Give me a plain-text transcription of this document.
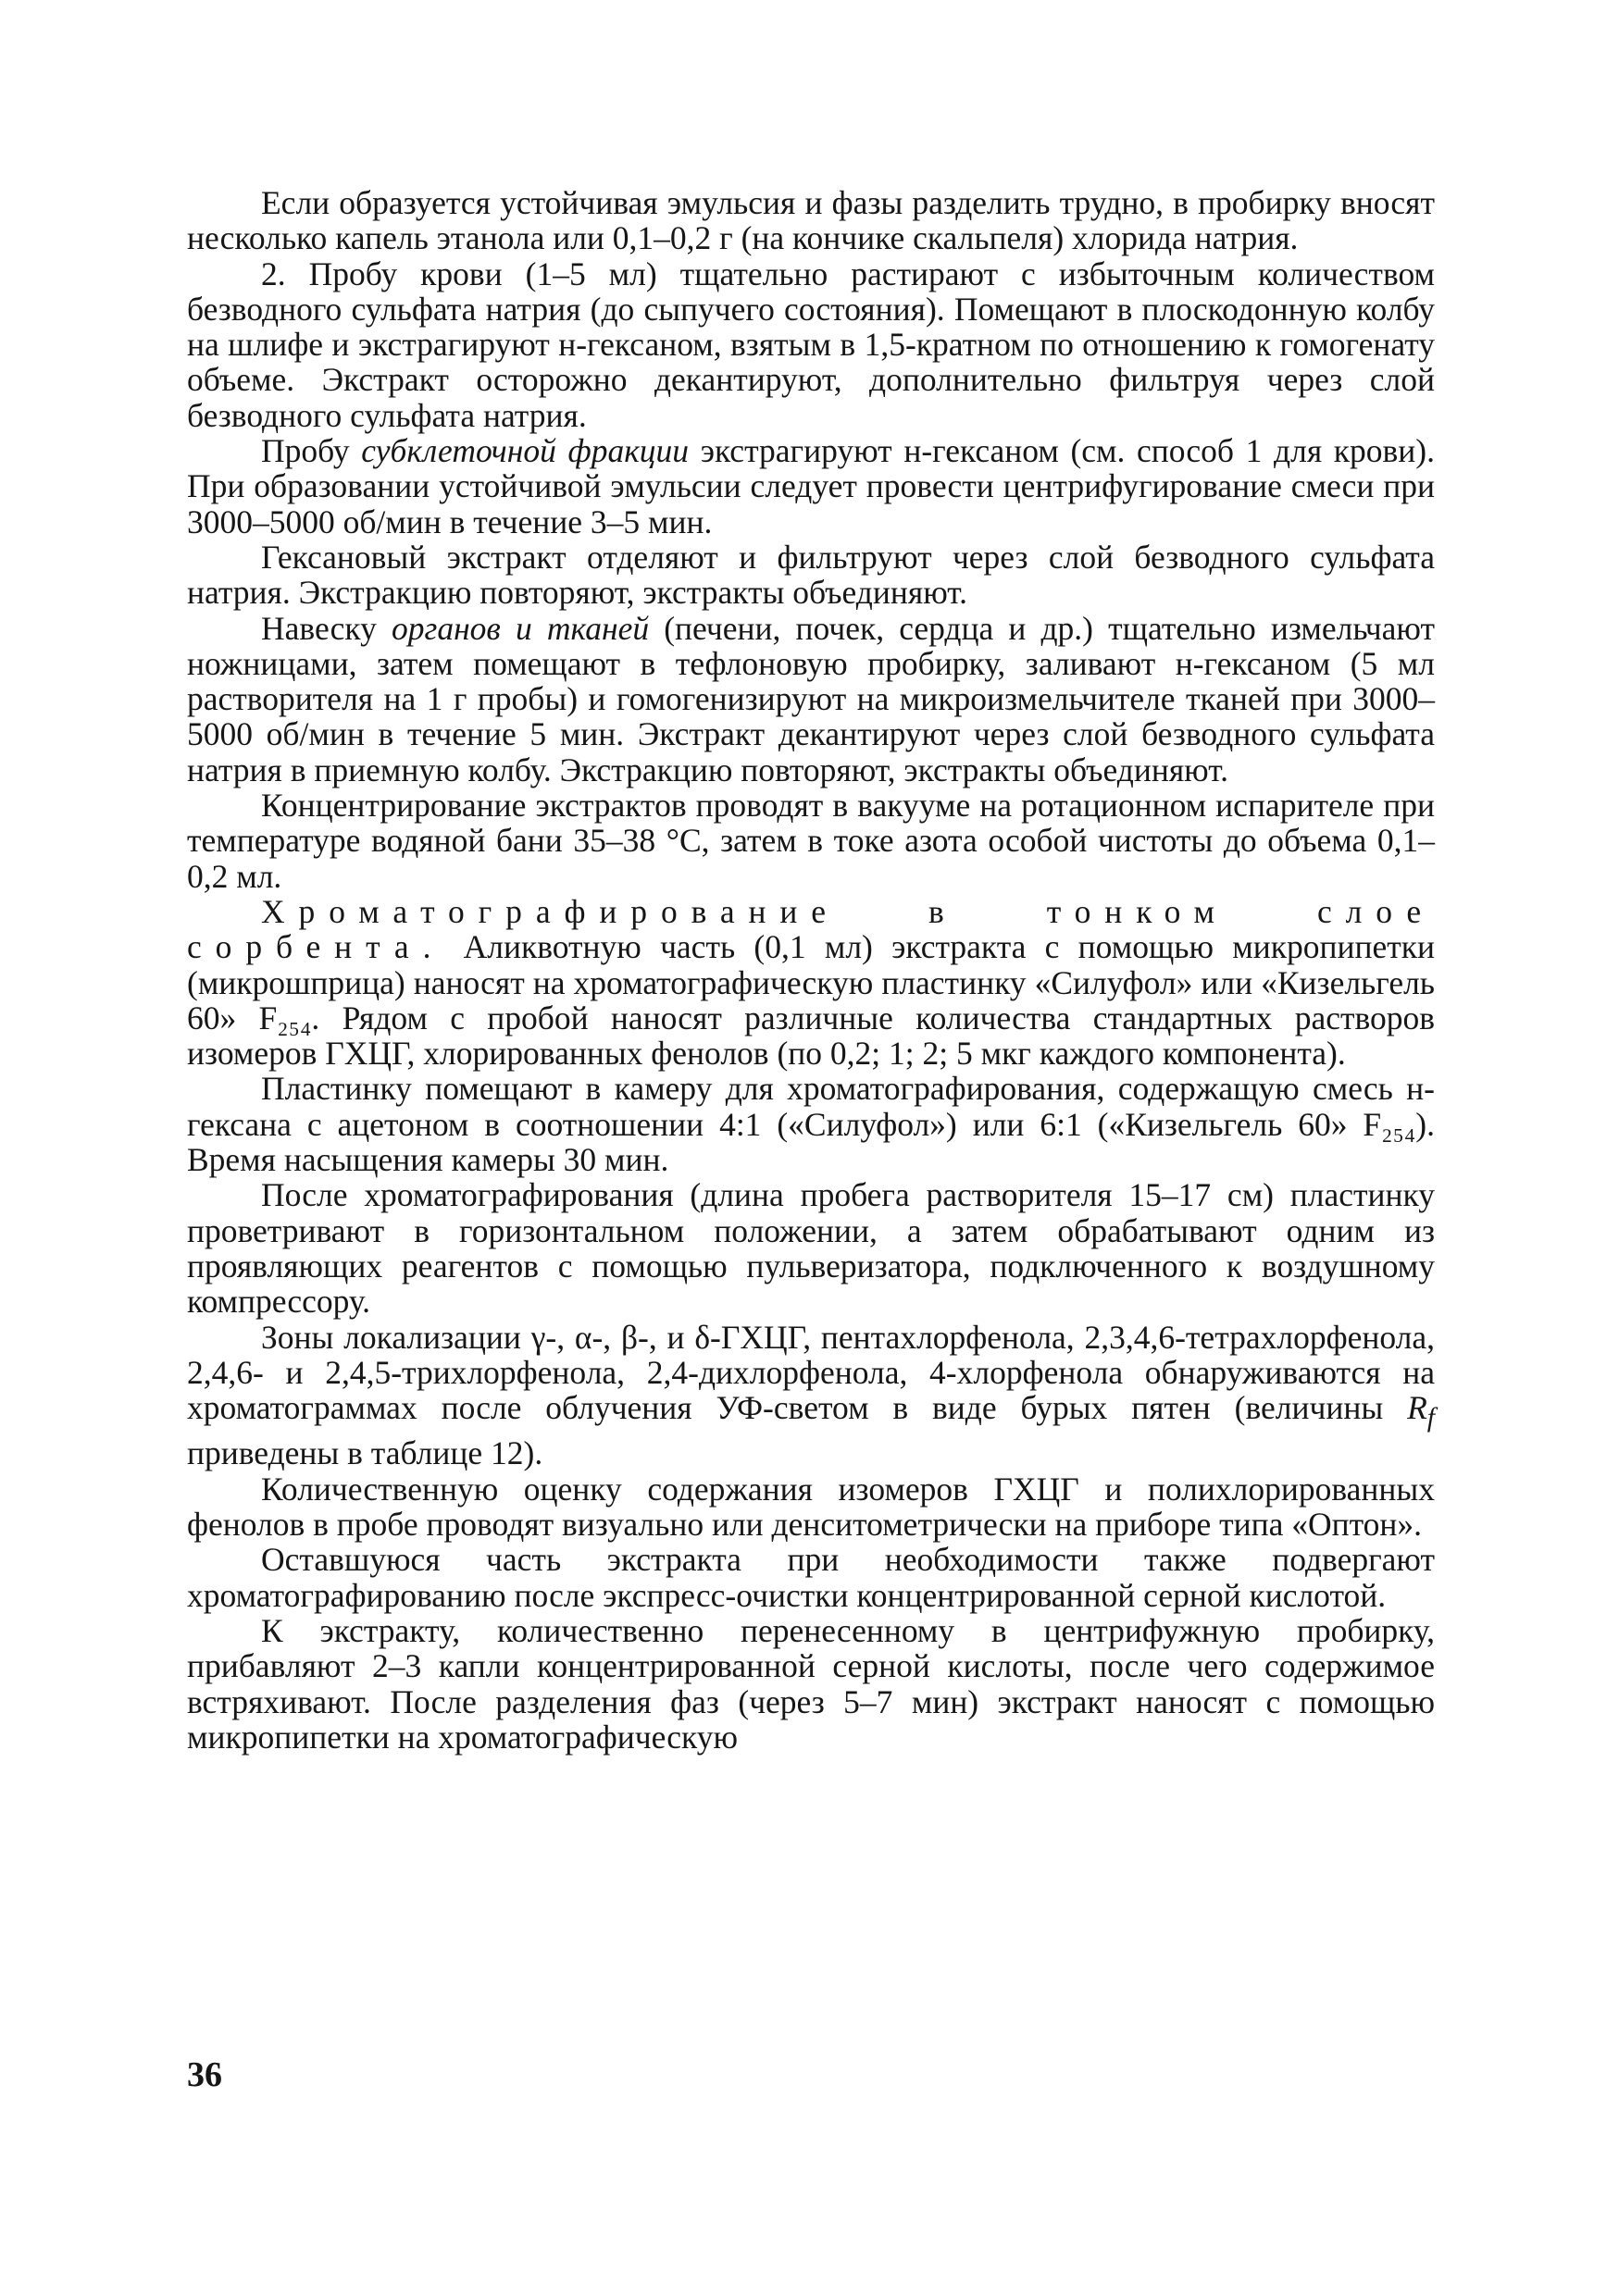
Если образуется устойчивая эмульсия и фазы разделить трудно, в пробирку вносят несколько капель этанола или 0,1–0,2 г (на кончике скальпеля) хлорида натрия.

2. Пробу крови (1–5 мл) тщательно растирают с избыточным количеством безводного сульфата натрия (до сыпучего состояния). Помещают в плоскодонную колбу на шлифе и экстрагируют н-гексаном, взятым в 1,5-кратном по отношению к гомогенату объеме. Экстракт осторожно декантируют, дополнительно фильтруя через слой безводного сульфата натрия.

Пробу субклеточной фракции экстрагируют н-гексаном (см. способ 1 для крови). При образовании устойчивой эмульсии следует провести центрифугирование смеси при 3000–5000 об/мин в течение 3–5 мин.

Гексановый экстракт отделяют и фильтруют через слой безводного сульфата натрия. Экстракцию повторяют, экстракты объединяют.

Навеску органов и тканей (печени, почек, сердца и др.) тщательно измельчают ножницами, затем помещают в тефлоновую пробирку, заливают н-гексаном (5 мл растворителя на 1 г пробы) и гомогенизируют на микроизмельчителе тканей при 3000–5000 об/мин в течение 5 мин. Экстракт декантируют через слой безводного сульфата натрия в приемную колбу. Экстракцию повторяют, экстракты объединяют.

Концентрирование экстрактов проводят в вакууме на ротационном испарителе при температуре водяной бани 35–38 °С, затем в токе азота особой чистоты до объема 0,1–0,2 мл.

Хроматографирование в тонком слое сорбента. Аликвотную часть (0,1 мл) экстракта с помощью микропипетки (микрошприца) наносят на хроматографическую пластинку «Силуфол» или «Кизельгель 60» F₂₅₄. Рядом с пробой наносят различные количества стандартных растворов изомеров ГХЦГ, хлорированных фенолов (по 0,2; 1; 2; 5 мкг каждого компонента).

Пластинку помещают в камеру для хроматографирования, содержащую смесь н-гексана с ацетоном в соотношении 4:1 («Силуфол») или 6:1 («Кизельгель 60» F₂₅₄). Время насыщения камеры 30 мин.

После хроматографирования (длина пробега растворителя 15–17 см) пластинку проветривают в горизонтальном положении, а затем обрабатывают одним из проявляющих реагентов с помощью пульверизатора, подключенного к воздушному компрессору.

Зоны локализации γ-, α-, β-, и δ-ГХЦГ, пентахлорфенола, 2,3,4,6-тетрахлорфенола, 2,4,6- и 2,4,5-трихлорфенола, 2,4-дихлорфенола, 4-хлорфенола обнаруживаются на хроматограммах после облучения УФ-светом в виде бурых пятен (величины $R_f$ приведены в таблице 12).

Количественную оценку содержания изомеров ГХЦГ и полихлорированных фенолов в пробе проводят визуально или денситометрически на приборе типа «Оптон».

Оставшуюся часть экстракта при необходимости также подвергают хроматографированию после экспресс-очистки концентрированной серной кислотой.

К экстракту, количественно перенесенному в центрифужную пробирку, прибавляют 2–3 капли концентрированной серной кислоты, после чего содержимое встряхивают. После разделения фаз (через 5–7 мин) экстракт наносят с помощью микропипетки на хроматографическую

36
